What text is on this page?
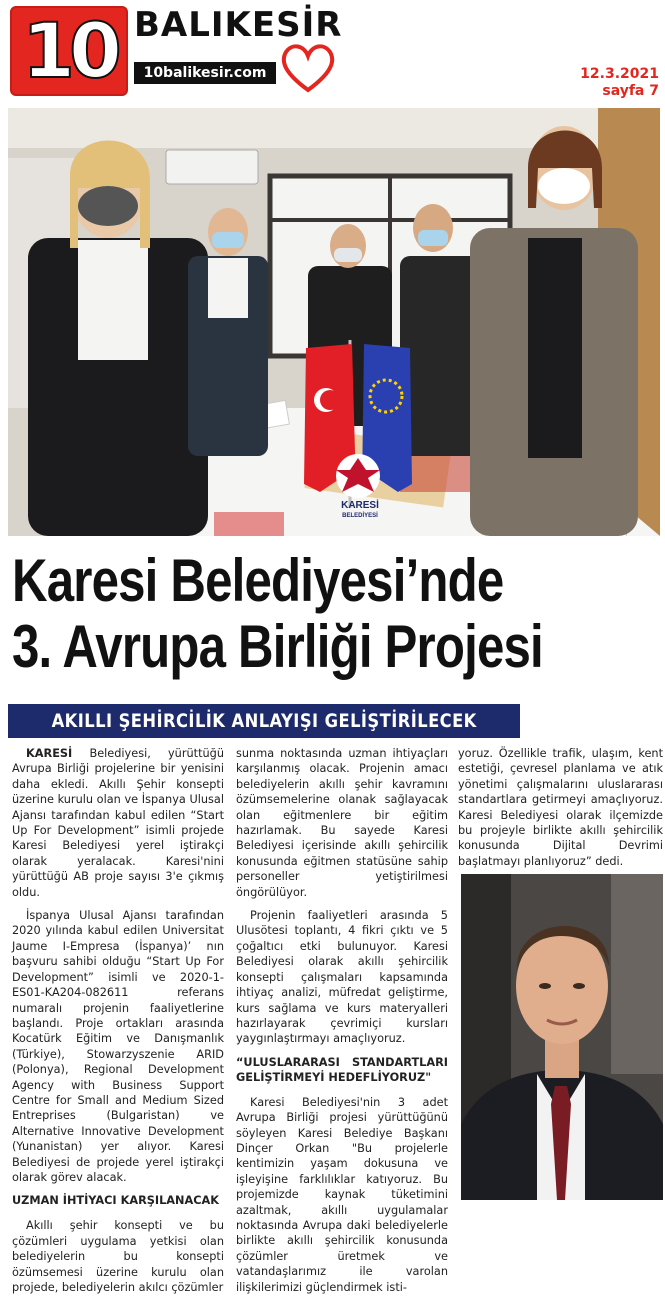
10 BALIKESİR
10balikesir.com	12.3.2021
sayfa 7
KARESİ
BELEDİYESİ
Karesi Belediyesi’nde
3. Avrupa Birliği Projesi
AKILLI ŞEHİRCİLİK ANLAYIŞI GELİŞTİRİLECEK

KARESİ Belediyesi, yürüttüğü Avrupa Birliği projelerine bir yenisini daha ekledi. Akıllı Şehir konsepti üzerine kurulu olan ve İspanya Ulusal Ajansı tarafından kabul edilen “Start Up For Development” isimli projede Karesi Belediyesi yerel iştirakçi olarak yeralacak. Karesi'nini yürüttüğü AB proje sayısı 3'e çıkmış oldu.

İspanya Ulusal Ajansı tarafından 2020 yılında kabul edilen Universitat Jaume I-Empresa (İspanya)’ nın başvuru sahibi olduğu “Start Up For Development” isimli ve 2020-1-ES01-KA204-082611 referans numaralı projenin faaliyetlerine başlandı. Proje ortakları arasında Kocatürk Eğitim ve Danışmanlık (Türkiye), Stowarzyszenie ARID (Polonya), Regional Development Agency with Business Support Centre for Small and Medium Sized Entreprises (Bulgaristan) ve Alternative Innovative Development (Yunanistan) yer alıyor. Karesi Belediyesi de projede yerel iştirakçi olarak görev alacak.

UZMAN İHTİYACI KARŞILANACAK

Akıllı şehir konsepti ve bu çözümleri uygulama yetkisi olan belediyelerin bu konsepti özümsemesi üzerine kurulu olan projede, belediyelerin akılcı çözümler

sunma noktasında uzman ihtiyaçları karşılanmış olacak. Projenin amacı belediyelerin akıllı şehir kavramını özümsemelerine olanak sağlayacak olan eğitmenlere bir eğitim hazırlamak. Bu sayede Karesi Belediyesi içerisinde akıllı şehircilik konusunda eğitmen statüsüne sahip personeller yetiştirilmesi öngörülüyor.

Projenin faaliyetleri arasında 5 Ulusötesi toplantı, 4 fikri çıktı ve 5 çoğaltıcı etki bulunuyor. Karesi Belediyesi olarak akıllı şehircilik konsepti çalışmaları kapsamında ihtiyaç analizi, müfredat geliştirme, kurs sağlama ve kurs materyalleri hazırlayarak çevrimiçi kursları yaygınlaştırmayı amaçlıyoruz.

“ULUSLARARASI STANDARTLARI GELİŞTİRMEYİ HEDEFLİYORUZ"

Karesi Belediyesi'nin 3 adet Avrupa Birliği projesi yürüttüğünü söyleyen Karesi Belediye Başkanı Dinçer Orkan "Bu projelerle kentimizin yaşam dokusuna ve işleyişine farklılıklar katıyoruz. Bu projemizde kaynak tüketimini azaltmak, akıllı uygulamalar noktasında Avrupa daki belediyelerle birlikte akıllı şehircilik konusunda çözümler üretmek ve vatandaşlarımız ile varolan ilişkilerimizi güçlendirmek isti-

yoruz. Özellikle trafik, ulaşım, kent estetiği, çevresel planlama ve atık yönetimi çalışmalarını uluslararası standartlara getirmeyi amaçlıyoruz. Karesi Belediyesi olarak ilçemizde bu projeyle birlikte akıllı şehircilik konusunda Dijital Devrimi başlatmayı planlıyoruz” dedi.
